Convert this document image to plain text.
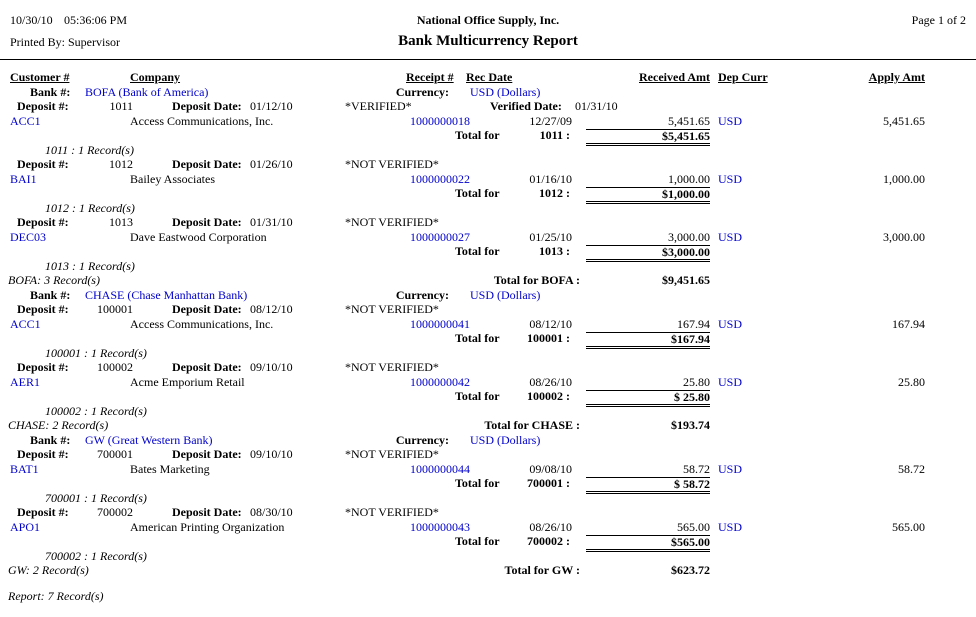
10/30/10 05:36:06 PM	National Office Supply, Inc.	Page 1 of 2
Printed By: Supervisor	Bank Multicurrency Report
Customer #	Company	Receipt # Rec Date	Received Amt Dep Curr	Apply Amt
Bank #: BOFA (Bank of America)	Currency: USD (Dollars)
Deposit #:	1011	Deposit Date: 01/12/10	*VERIFIED*	Verified Date: 01/31/10
ACC1	Access Communications, Inc.	1000000018	12/27/09	5,451.65 USD	5,451.65
Total for	1011 :	$5,451.65
1011 : 1 Record(s)
Deposit #:	1012	Deposit Date: 01/26/10	*NOT VERIFIED*
BAI1	Bailey Associates	1000000022	01/16/10	1,000.00 USD	1,000.00
Total for	1012 :	$1,000.00
1012 : 1 Record(s)
Deposit #:	1013	Deposit Date: 01/31/10	*NOT VERIFIED*
DEC03	Dave Eastwood Corporation	1000000027	01/25/10	3,000.00 USD	3,000.00
Total for	1013 :	$3,000.00
1013 : 1 Record(s)
BOFA: 3 Record(s)	Total for BOFA :	$9,451.65
Bank #: CHASE (Chase Manhattan Bank)	Currency: USD (Dollars)
Deposit #:	100001	Deposit Date: 08/12/10	*NOT VERIFIED*
ACC1	Access Communications, Inc.	1000000041	08/12/10	167.94 USD	167.94
Total for	100001 :	$167.94
100001 : 1 Record(s)
Deposit #:	100002	Deposit Date: 09/10/10	*NOT VERIFIED*
AER1	Acme Emporium Retail	1000000042	08/26/10	25.80 USD	25.80
Total for	100002 :	$ 25.80
100002 : 1 Record(s)
CHASE: 2 Record(s)	Total for CHASE :	$193.74
Bank #: GW (Great Western Bank)	Currency: USD (Dollars)
Deposit #:	700001	Deposit Date: 09/10/10	*NOT VERIFIED*
BAT1	Bates Marketing	1000000044	09/08/10	58.72 USD	58.72
Total for	700001 :	$ 58.72
700001 : 1 Record(s)
Deposit #:	700002	Deposit Date: 08/30/10	*NOT VERIFIED*
APO1	American Printing Organization	1000000043	08/26/10	565.00 USD	565.00
Total for	700002 :	$565.00
700002 : 1 Record(s)
GW: 2 Record(s)	Total for GW :	$623.72
Report: 7 Record(s)
